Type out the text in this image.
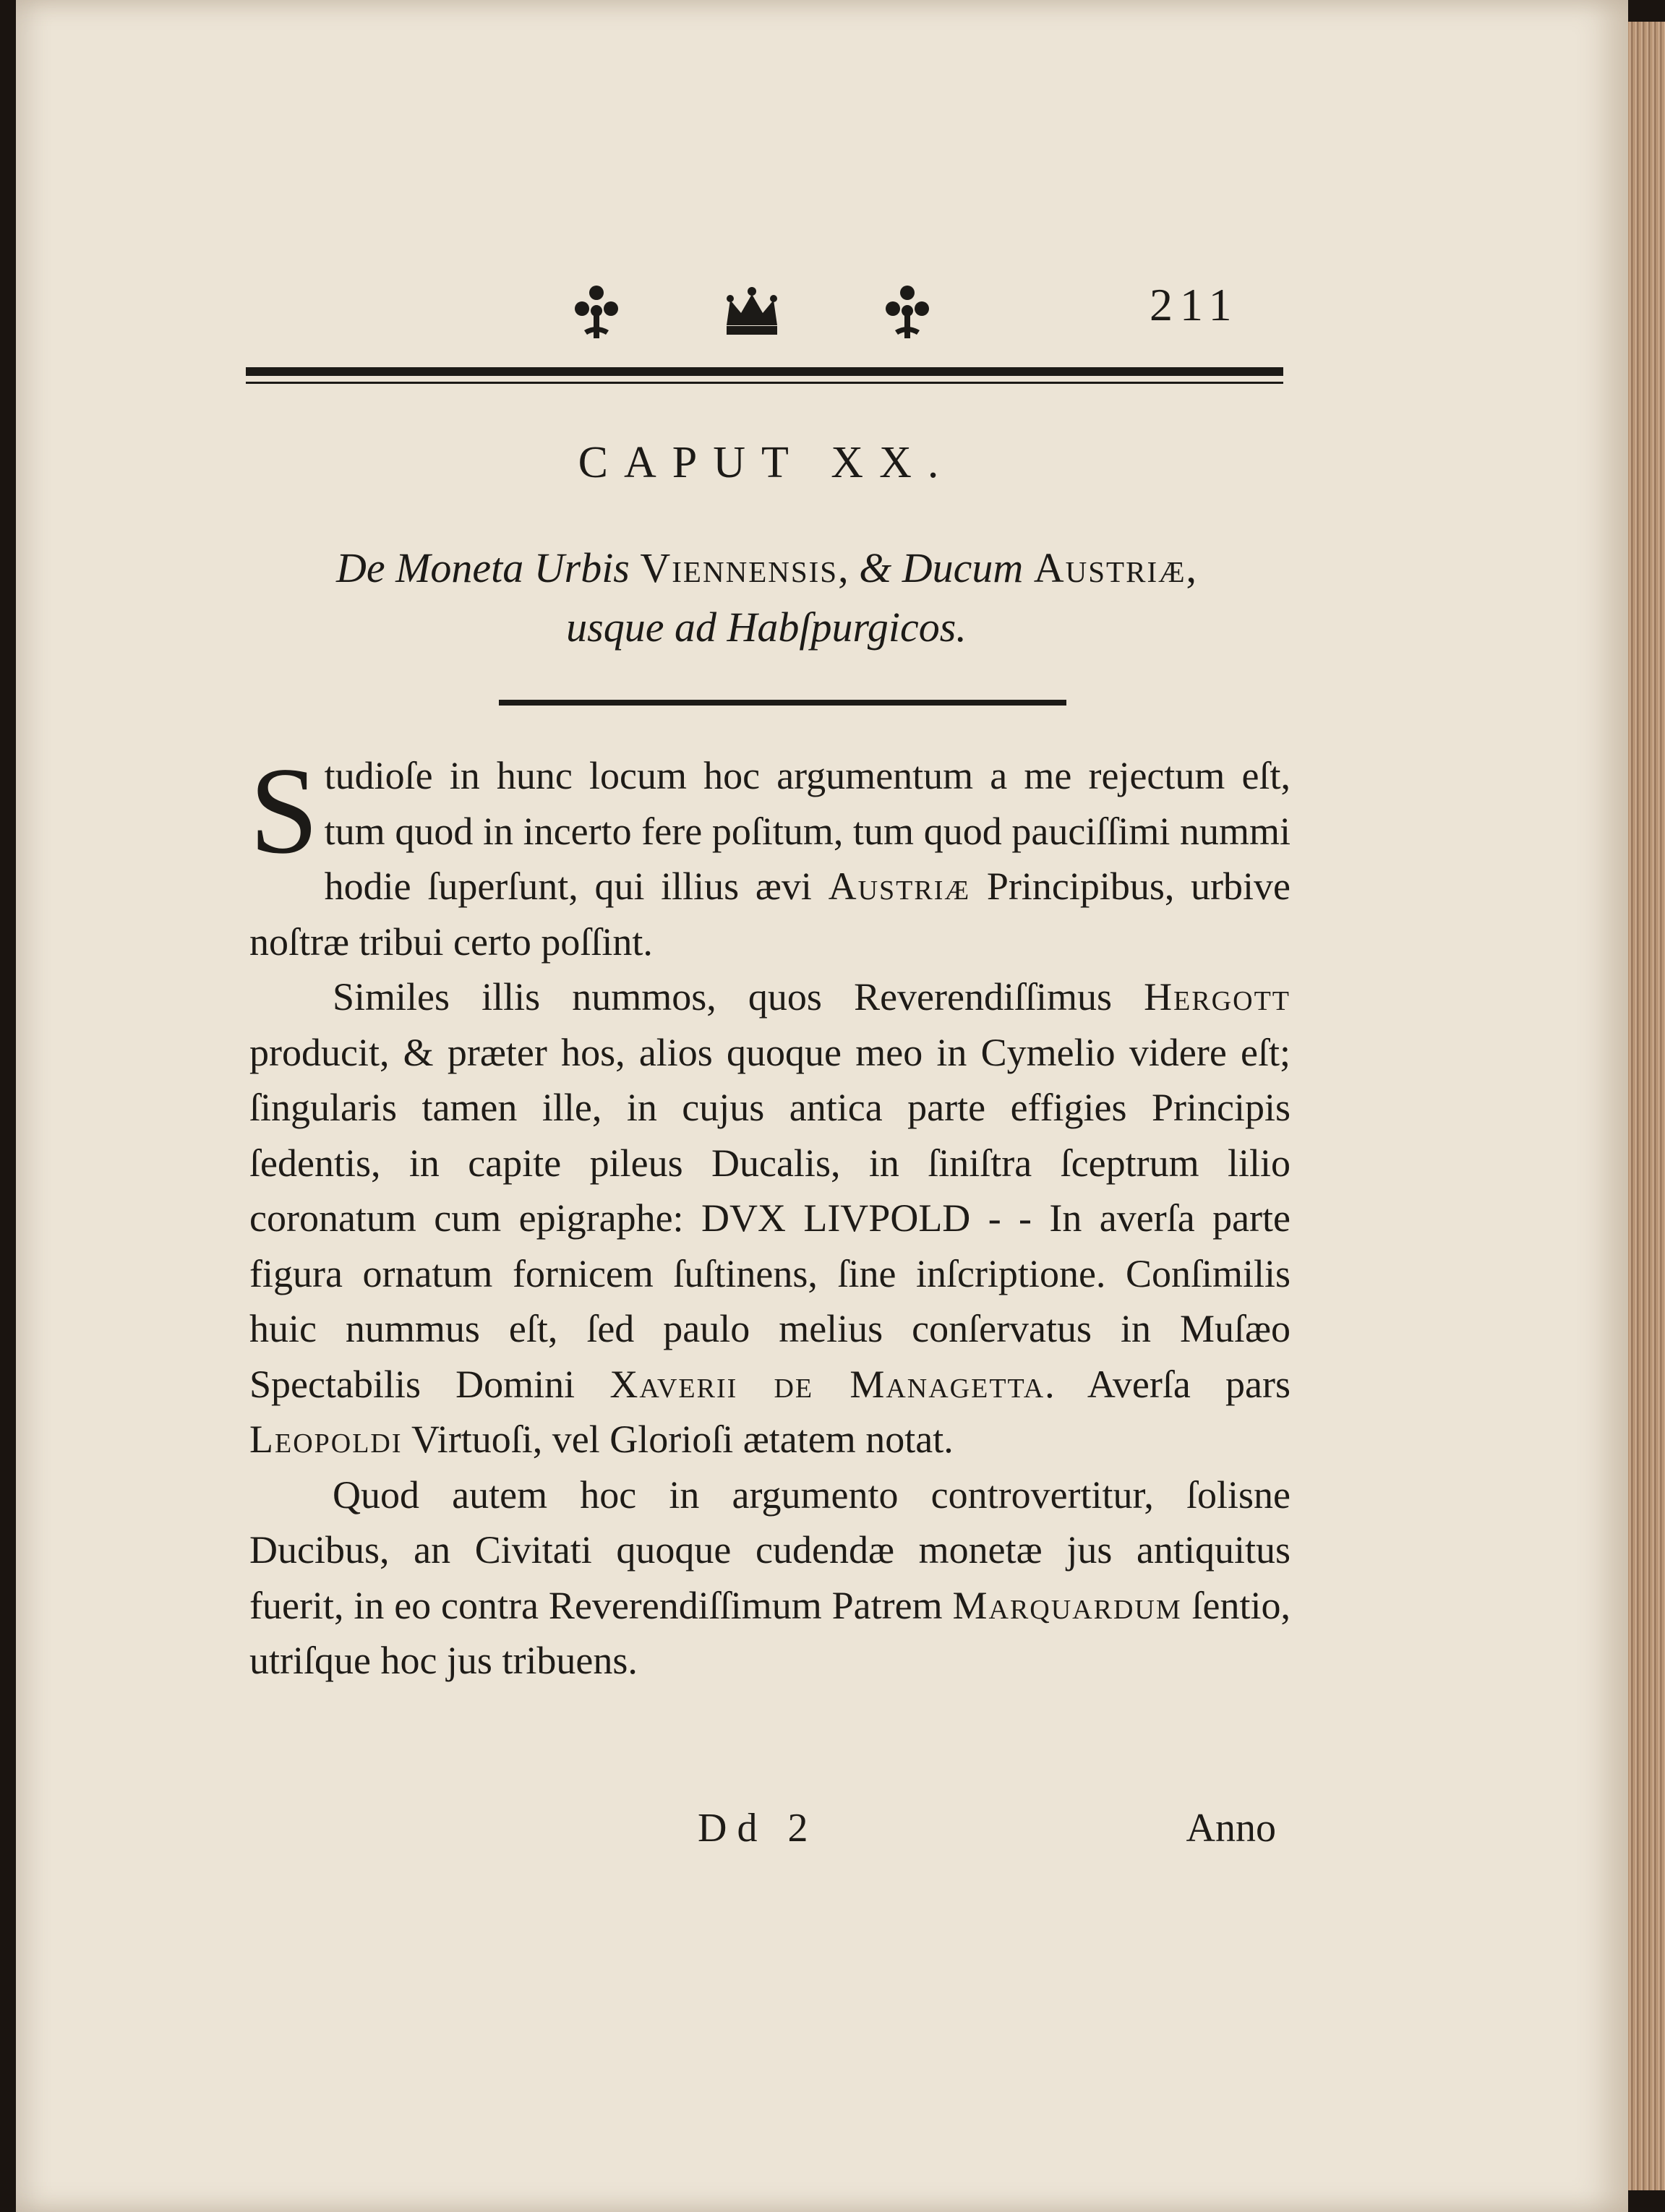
211
CAPUT XX.
De Moneta Urbis Viennensis, & Ducum Austriæ,
usque ad Habſpurgicos.

Studioſe in hunc locum hoc argumentum a me rejectum eſt, tum quod in incerto fere poſitum, tum quod pauciſſimi nummi hodie ſuperſunt, qui illius ævi Austriæ Principibus, urbive noſtræ tribui certo poſſint.

Similes illis nummos, quos Reverendiſſimus Hergott producit, & præter hos, alios quoque meo in Cymelio videre eſt; ſingularis tamen ille, in cujus antica parte effigies Principis ſedentis, in capite pileus Ducalis, in ſiniſtra ſceptrum lilio coronatum cum epigraphe: DVX LIVPOLD - - In averſa parte figura ornatum fornicem ſuſtinens, ſine inſcriptione. Conſimilis huic nummus eſt, ſed paulo melius conſervatus in Muſæo Spectabilis Domini Xaverii de Managetta. Averſa pars Leopoldi Virtuoſi, vel Glorioſi ætatem notat.

Quod autem hoc in argumento controvertitur, ſolisne Ducibus, an Civitati quoque cudendæ monetæ jus antiquitus fuerit, in eo contra Reverendiſſimum Patrem Marquardum ſentio, utriſque hoc jus tribuens.

Dd 2	Anno
